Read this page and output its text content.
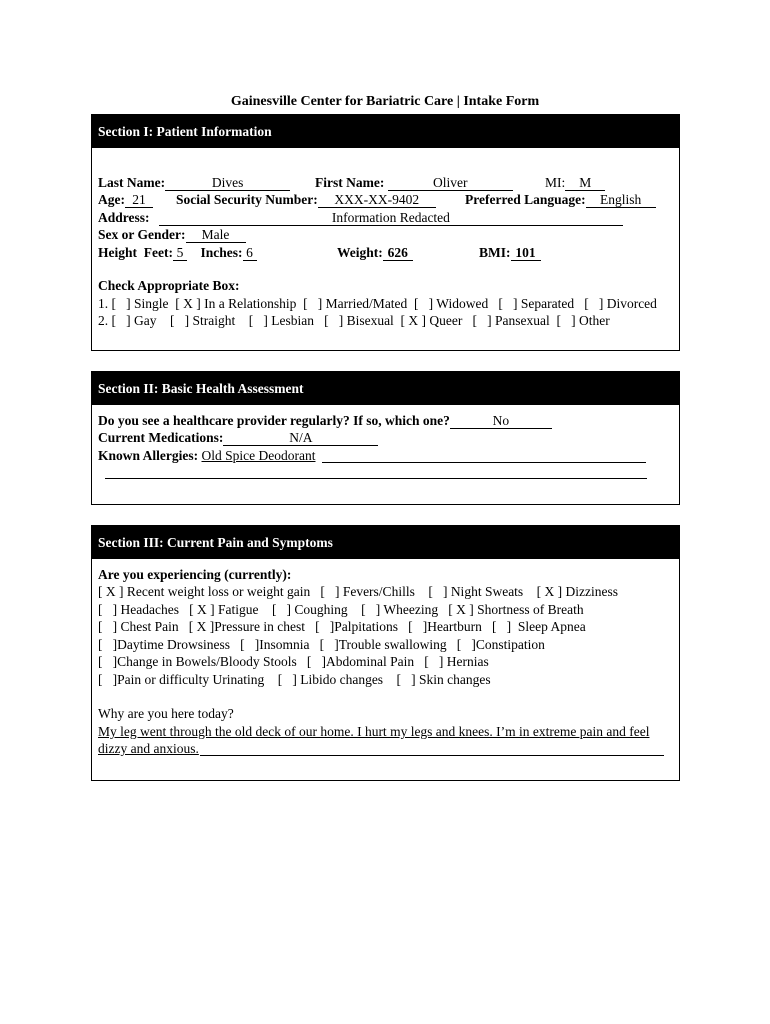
Gainesville Center for Bariatric Care | Intake Form
Section I: Patient Information
Last Name:	Dives	First Name:	Oliver	MI: M
Age: 21	Social Security Number: XXX-XX-9402	Preferred Language: English
Address:	Information Redacted
Sex or Gender: Male
Height Feet: 5 Inches: 6	Weight: 626	BMI: 101
Check Appropriate Box:
1. [   ] Single  [ X ] In a Relationship  [   ] Married/Mated  [   ] Widowed   [   ] Separated   [   ] Divorced
2. [   ] Gay    [   ] Straight    [   ] Lesbian   [   ] Bisexual  [ X ] Queer   [   ] Pansexual  [   ] Other
Section II: Basic Health Assessment
Do you see a healthcare provider regularly? If so, which one?	No
Current Medications:	N/A
Known Allergies: Old Spice Deodorant
Section III: Current Pain and Symptoms
Are you experiencing (currently):
[ X ] Recent weight loss or weight gain   [   ] Fevers/Chills    [   ] Night Sweats    [ X ] Dizziness
[   ] Headaches   [ X ] Fatigue    [   ] Coughing    [   ] Wheezing   [ X ] Shortness of Breath
[   ] Chest Pain   [ X ]Pressure in chest   [   ]Palpitations   [   ]Heartburn   [   ]  Sleep Apnea
[   ]Daytime Drowsiness   [   ]Insomnia   [   ]Trouble swallowing   [   ]Constipation
[   ]Change in Bowels/Bloody Stools   [   ]Abdominal Pain   [   ] Hernias
[   ]Pain or difficulty Urinating    [   ] Libido changes    [   ] Skin changes
Why are you here today?
My leg went through the old deck of our home. I hurt my legs and knees. I’m in extreme pain and feel
dizzy and anxious.
